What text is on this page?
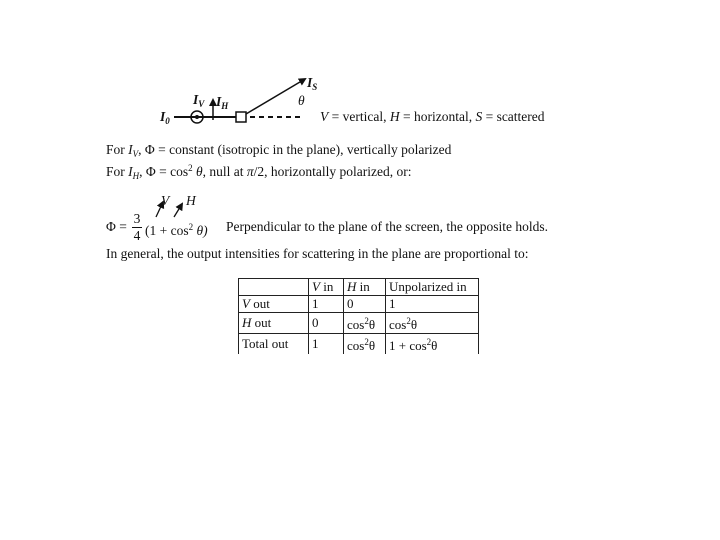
$I_0$
$I_V$ $I_H$
$I_S$
θ
V = vertical, H = horizontal, S = scattered
For $I_V$, Φ = constant (isotropic in the plane), vertically polarized
For $I_H$, $\Phi = \cos^2 \theta$, null at π/2, horizontally polarized, or:
V H
Φ =
3
4 $(1 + \cos^2 \theta)$ Perpendicular to the plane of the screen, the opposite holds.
In general, the output intensities for scattering in the plane are proportional to:
	V in	H in	Unpolarized in
V out	1	0	1
H out	0	$\cos^2\theta$	$\cos^2\theta$
Total out	1	$\cos^2\theta$	$1 + \cos^2\theta$
